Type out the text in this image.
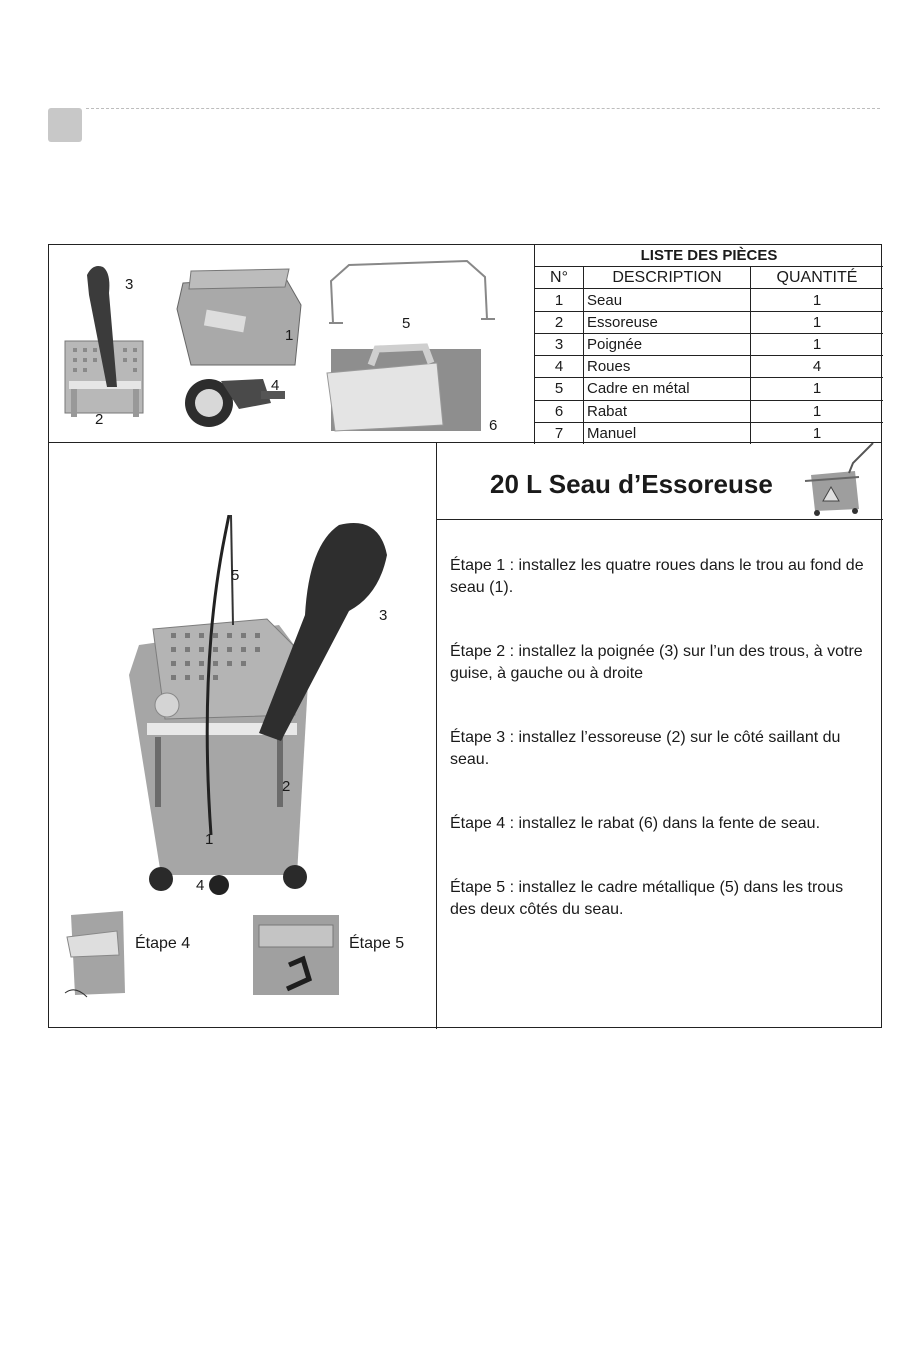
3
2
1
4
5
6
LISTE DES PIÈCES		
N°	DESCRIPTION	QUANTITÉ
1	Seau	1
2	Essoreuse	1
3	Poignée	1
4	Roues	4
5	Cadre en métal	1
6	Rabat	1
7	Manuel	1
5
3
2
1
4
Étape 4	Étape 5
20 L Seau d’Essoreuse

Étape 1 : installez les quatre roues dans le trou au fond de seau (1).

Étape 2 : installez la poignée (3) sur l’un des trous, à votre guise, à gauche ou à droite

Étape 3 : installez l’essoreuse (2) sur le côté saillant du seau.

Étape 4 : installez le rabat (6) dans la fente de seau.

Étape 5 : installez le cadre métallique (5) dans les trous des deux côtés du seau.
